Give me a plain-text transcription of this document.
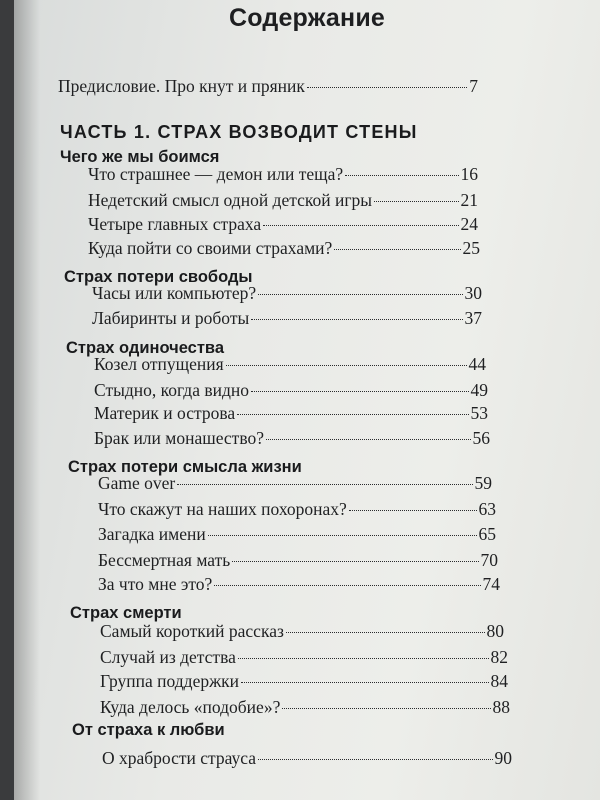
Содержание
Предисловие. Про кнут и пряник	7
ЧАСТЬ 1. СТРАХ ВОЗВОДИТ СТЕНЫ
Чего же мы боимся
Что страшнее — демон или теща?	16
Недетский смысл одной детской игры	21
Четыре главных страха	24
Куда пойти со своими страхами?	25
Страх потери свободы
Часы или компьютер?	30
Лабиринты и роботы	37
Страх одиночества
Козел отпущения	44
Стыдно, когда видно	49
Материк и острова	53
Брак или монашество?	56
Страх потери смысла жизни
Game over	59
Что скажут на наших похоронах?	63
Загадка имени	65
Бессмертная мать	70
За что мне это?	74
Страх смерти
Самый короткий рассказ	80
Случай из детства	82
Группа поддержки	84
Куда делось «подобие»?	88
От страха к любви
О храбрости страуса	90
